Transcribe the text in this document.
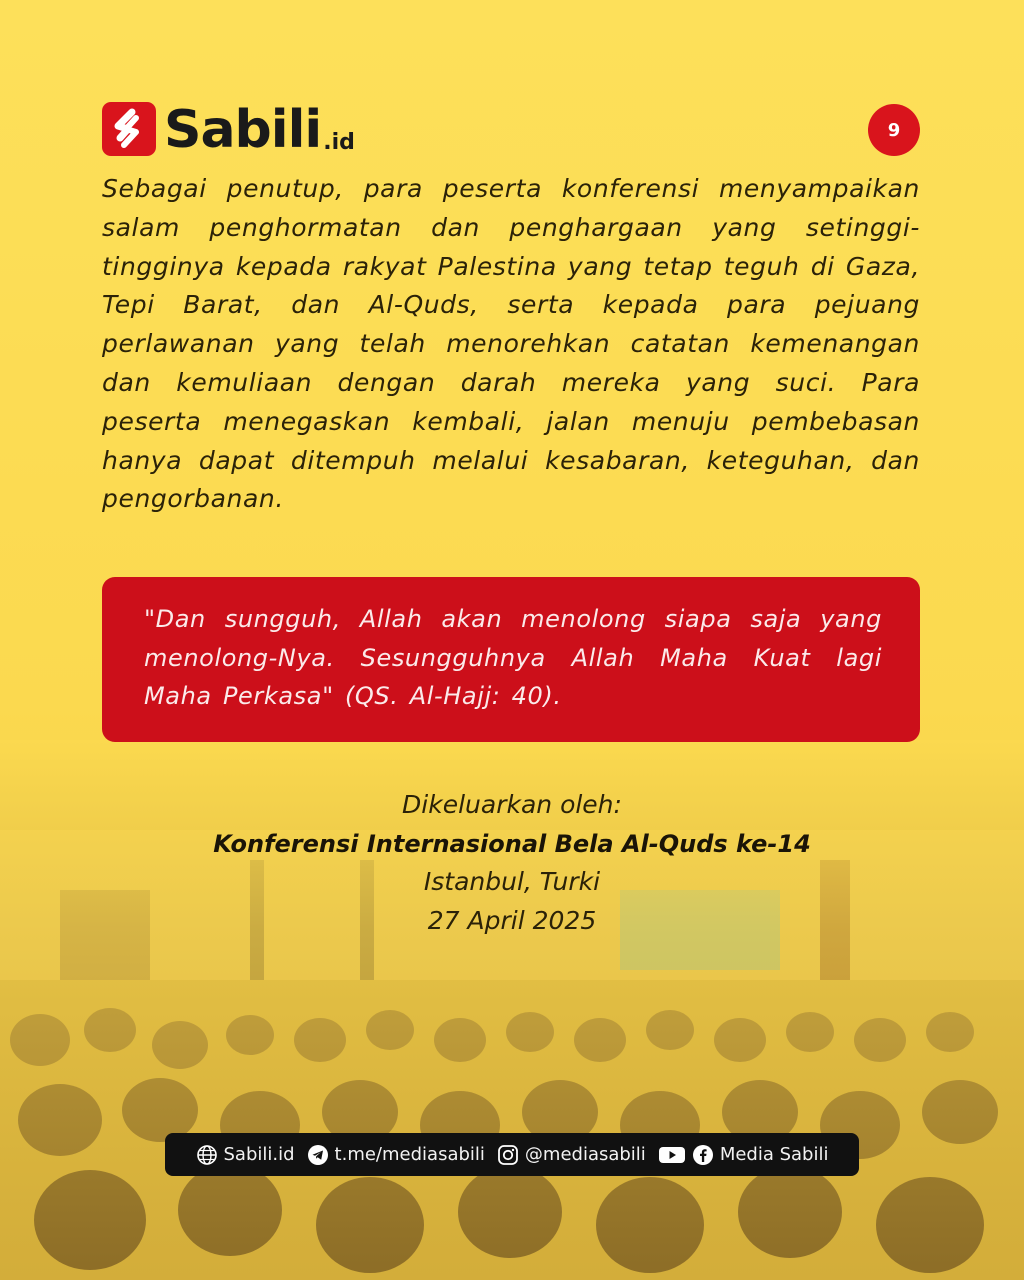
Sabili .id	9
Sebagai penutup, para peserta konferensi menyampaikan salam penghormatan dan penghargaan yang setinggi-tingginya kepada rakyat Palestina yang tetap teguh di Gaza, Tepi Barat, dan Al-Quds, serta kepada para pejuang perlawanan yang telah menorehkan catatan kemenangan dan kemuliaan dengan darah mereka yang suci. Para peserta menegaskan kembali, jalan menuju pembebasan hanya dapat ditempuh melalui kesabaran, keteguhan, dan pengorbanan.
"Dan sungguh, Allah akan menolong siapa saja yang menolong-Nya. Sesungguhnya Allah Maha Kuat lagi Maha Perkasa" (QS. Al-Hajj: 40).
Dikeluarkan oleh:
Konferensi Internasional Bela Al-Quds ke-14
Istanbul, Turki
27 April 2025
Sabili.id t.me/mediasabili @mediasabili	Media Sabili
